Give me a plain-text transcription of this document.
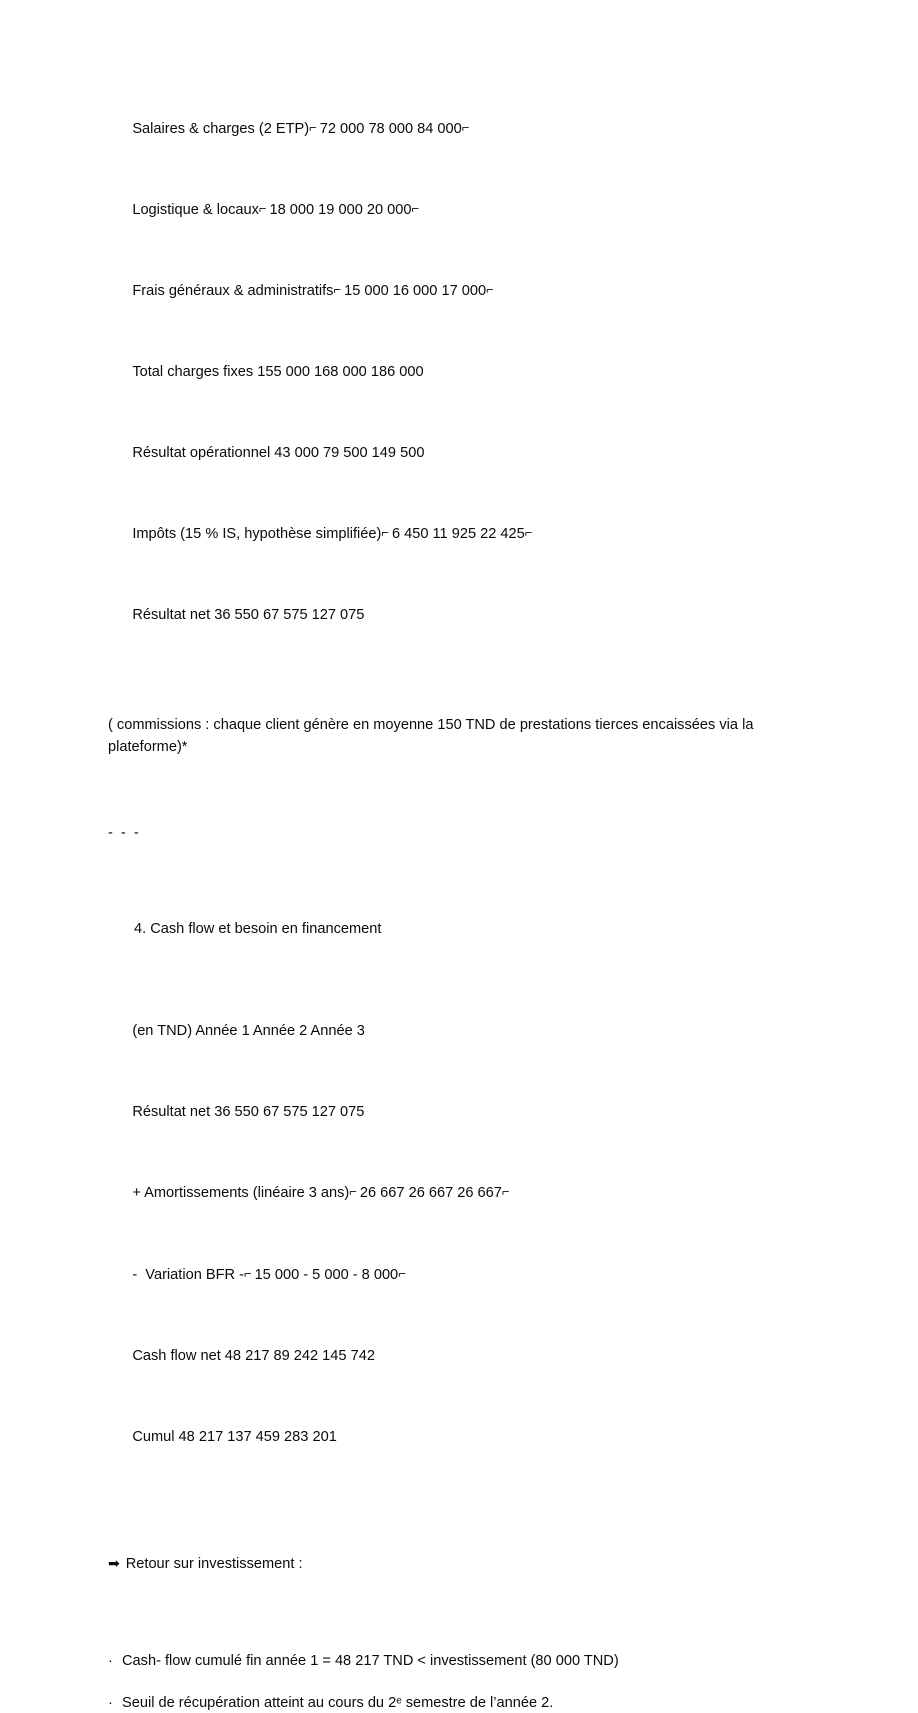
Salaires & charges (2 ETP)⌐ 72 000 78 000 84 000⌐

Logistique & locaux⌐ 18 000 19 000 20 000⌐

Frais généraux & administratifs⌐ 15 000 16 000 17 000⌐

Total charges fixes 155 000 168 000 186 000

Résultat opérationnel 43 000 79 500 149 500

Impôts (15 % IS, hypothèse simplifiée)⌐ 6 450 11 925 22 425⌐

Résultat net 36 550 67 575 127 075

( commissions : chaque client génère en moyenne 150 TND de prestations tierces encaissées via la plateforme)*

- - -

4. Cash flow et besoin en financement

(en TND) Année 1 Année 2 Année 3

Résultat net 36 550 67 575 127 075

+ Amortissements (linéaire 3 ans)⌐ 26 667 26 667 26 667⌐

-  Variation BFR -⌐ 15 000 - 5 000 - 8 000⌐

Cash flow net 48 217 89 242 145 742

Cumul 48 217 137 459 283 201

➡ Retour sur investissement :

· Cash- flow cumulé fin année 1 = 48 217 TND < investissement (80 000 TND)
· Seuil de récupération atteint au cours du 2ᵉ semestre de l’année 2.
